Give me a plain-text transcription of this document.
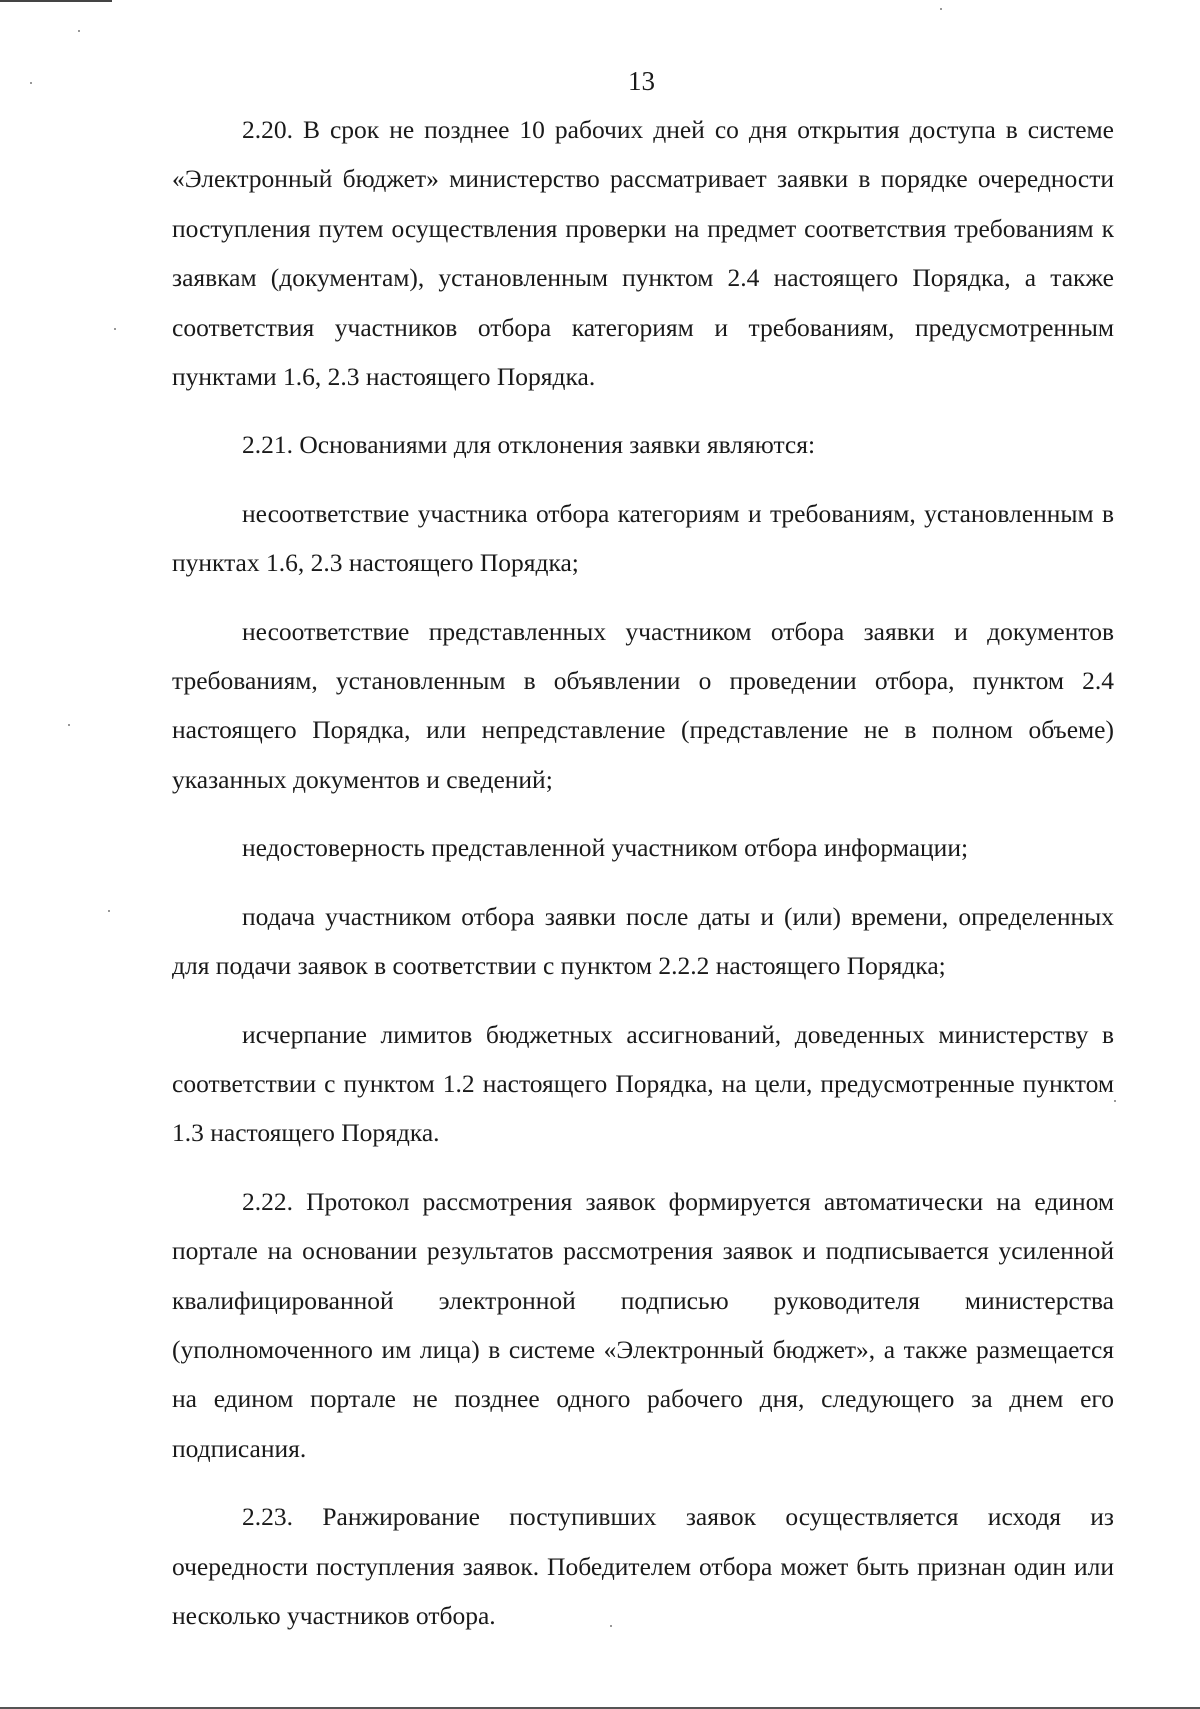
13

2.20. В срок не позднее 10 рабочих дней со дня открытия доступа в системе «Электронный бюджет» министерство рассматривает заявки в порядке очередности поступления путем осуществления проверки на предмет соответствия требованиям к заявкам (документам), установленным пунктом 2.4 настоящего Порядка, а также соответствия участников отбора категориям и требованиям, предусмотренным пунктами 1.6, 2.3 настоящего Порядка.

2.21. Основаниями для отклонения заявки являются:

несоответствие участника отбора категориям и требованиям, установленным в пунктах 1.6, 2.3 настоящего Порядка;

несоответствие представленных участником отбора заявки и документов требованиям, установленным в объявлении о проведении отбора, пунктом 2.4 настоящего Порядка, или непредставление (представление не в полном объеме) указанных документов и сведений;

недостоверность представленной участником отбора информации;

подача участником отбора заявки после даты и (или) времени, определенных для подачи заявок в соответствии с пунктом 2.2.2 настоящего Порядка;

исчерпание лимитов бюджетных ассигнований, доведенных министерству в соответствии с пунктом 1.2 настоящего Порядка, на цели, предусмотренные пунктом 1.3 настоящего Порядка.

2.22. Протокол рассмотрения заявок формируется автоматически на едином портале на основании результатов рассмотрения заявок и подписывается усиленной квалифицированной электронной подписью руководителя министерства (уполномоченного им лица) в системе «Электронный бюджет», а также размещается на едином портале не позднее одного рабочего дня, следующего за днем его подписания.

2.23. Ранжирование поступивших заявок осуществляется исходя из очередности поступления заявок. Победителем отбора может быть признан один или несколько участников отбора.
